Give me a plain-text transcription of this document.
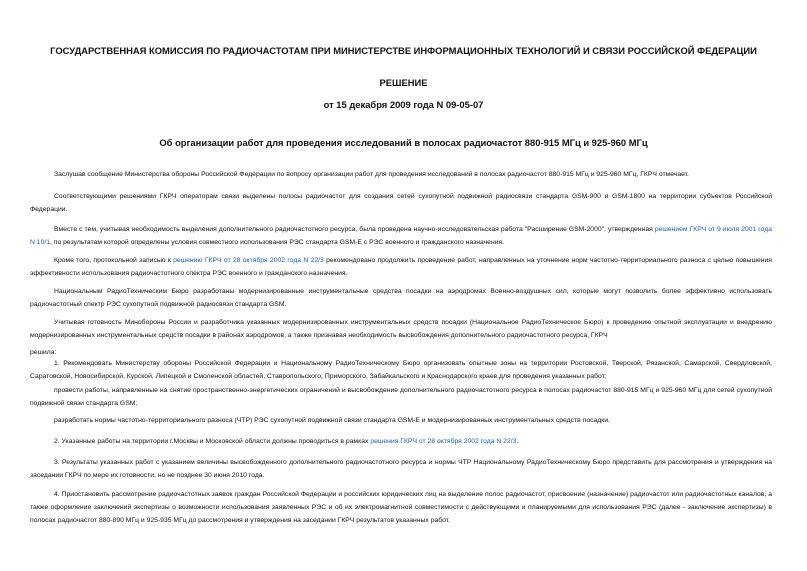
ГОСУДАРСТВЕННАЯ КОМИССИЯ ПО РАДИОЧАСТОТАМ ПРИ МИНИСТЕРСТВЕ ИНФОРМАЦИОННЫХ ТЕХНОЛОГИЙ И СВЯЗИ РОССИЙСКОЙ ФЕДЕРАЦИИ
РЕШЕНИЕ
от 15 декабря 2009 года N 09-05-07
Об организации работ для проведения исследований в полосах радиочастот 880-915 МГц и 925-960 МГц
Заслушав сообщение Министерства обороны Российской Федерации по вопросу организации работ для проведения исследований в полосах радиочастот 880-915 МГц и 925-960 МГц, ГКРЧ отмечает.
Соответствующими решениями ГКРЧ операторам связи выделены полосы радиочастот для создания сетей сухопутной подвижной радиосвязи стандарта GSM-900 и GSM-1800 на территории субъектов Российской Федерации.
Вместе с тем, учитывая необходимость выделения дополнительного радиочастотного ресурса, была проведена научно-исследовательская работа "Расширение GSM-2000", утвержденная решением ГКРЧ от 9 июля 2001 года N 10/1, по результатам которой определены условия совместного использования РЭС стандарта GSM-E с РЭС военного и гражданского назначения.
Кроме того, протокольной записью к решению ГКРЧ от 28 октября 2002 года N 22/3 рекомендовано продолжить проведение работ, направленных на уточнение норм частотно-территориального разноса с целью повышения эффективности использования радиочастотного спектра РЭС военного и гражданского назначения.
Национальным РадиоТехническим Бюро разработаны модернизированные инструментальные средства посадки на аэродромах Военно-воздушных сил, которые могут позволить более эффективно использовать радиочастотный спектр РЭС сухопутной подвижной радиосвязи стандарта GSM.
Учитывая готовность Минобороны России и разработчика указанных модернизированных инструментальных средств посадки (Национальное РадиоТехническое Бюро) к проведению опытной эксплуатации и внедрению модернизированных инструментальных средств посадки в районах аэродромов, а также признавая необходимость высвобождения дополнительного радиочастотного ресурса, ГКРЧ
решила:
1. Рекомендовать Министерству обороны Российской Федерации и Национальному РадиоТехническому Бюро организовать опытные зоны на территории Ростовской, Тверской, Рязанской, Самарской, Свердловской, Саратовской, Новосибирской, Курской, Липецкой и Смоленской областей, Ставропольского, Приморского, Забайкальского и Краснодарского краев для проведения указанных работ;
провести работы, направленные на снятие пространственно-энергетических ограничений и высвобождение дополнительного радиочастотного ресурса в полосах радиочастот 880-915 МГц и 925-960 МГц для сетей сухопутной подвижной связи стандарта GSM;
разработать нормы частотно-территориального разноса (ЧТР) РЭС сухопутной подвижной связи стандарта GSM-E и модернизированных инструментальных средств посадки.
2. Указанные работы на территории г.Москвы и Московской области должны проводиться в рамках решения ГКРЧ от 28 октября 2002 года N 22/3.
3. Результаты указанных работ с указанием величины высвобожденного дополнительного радиочастотного ресурса и нормы ЧТР Национальному РадиоТехническому Бюро представить для рассмотрения и утверждения на заседании ГКРЧ по мере их готовности, но не позднее 30 июня 2010 года.
4. Приостановить рассмотрение радиочастотных заявок граждан Российской Федерации и российских юридических лиц на выделение полос радиочастот, присвоение (назначение) радиочастот или радиочастотных каналов, а также оформление заключений экспертизы о возможности использования заявленных РЭС и об их электромагнитной совместимости с действующими и планируемыми для использования РЭС (далее - заключение экспертизы) в полосах радиочастот 880-890 МГц и 925-935 МГц до рассмотрения и утверждения на заседании ГКРЧ результатов указанных работ.
